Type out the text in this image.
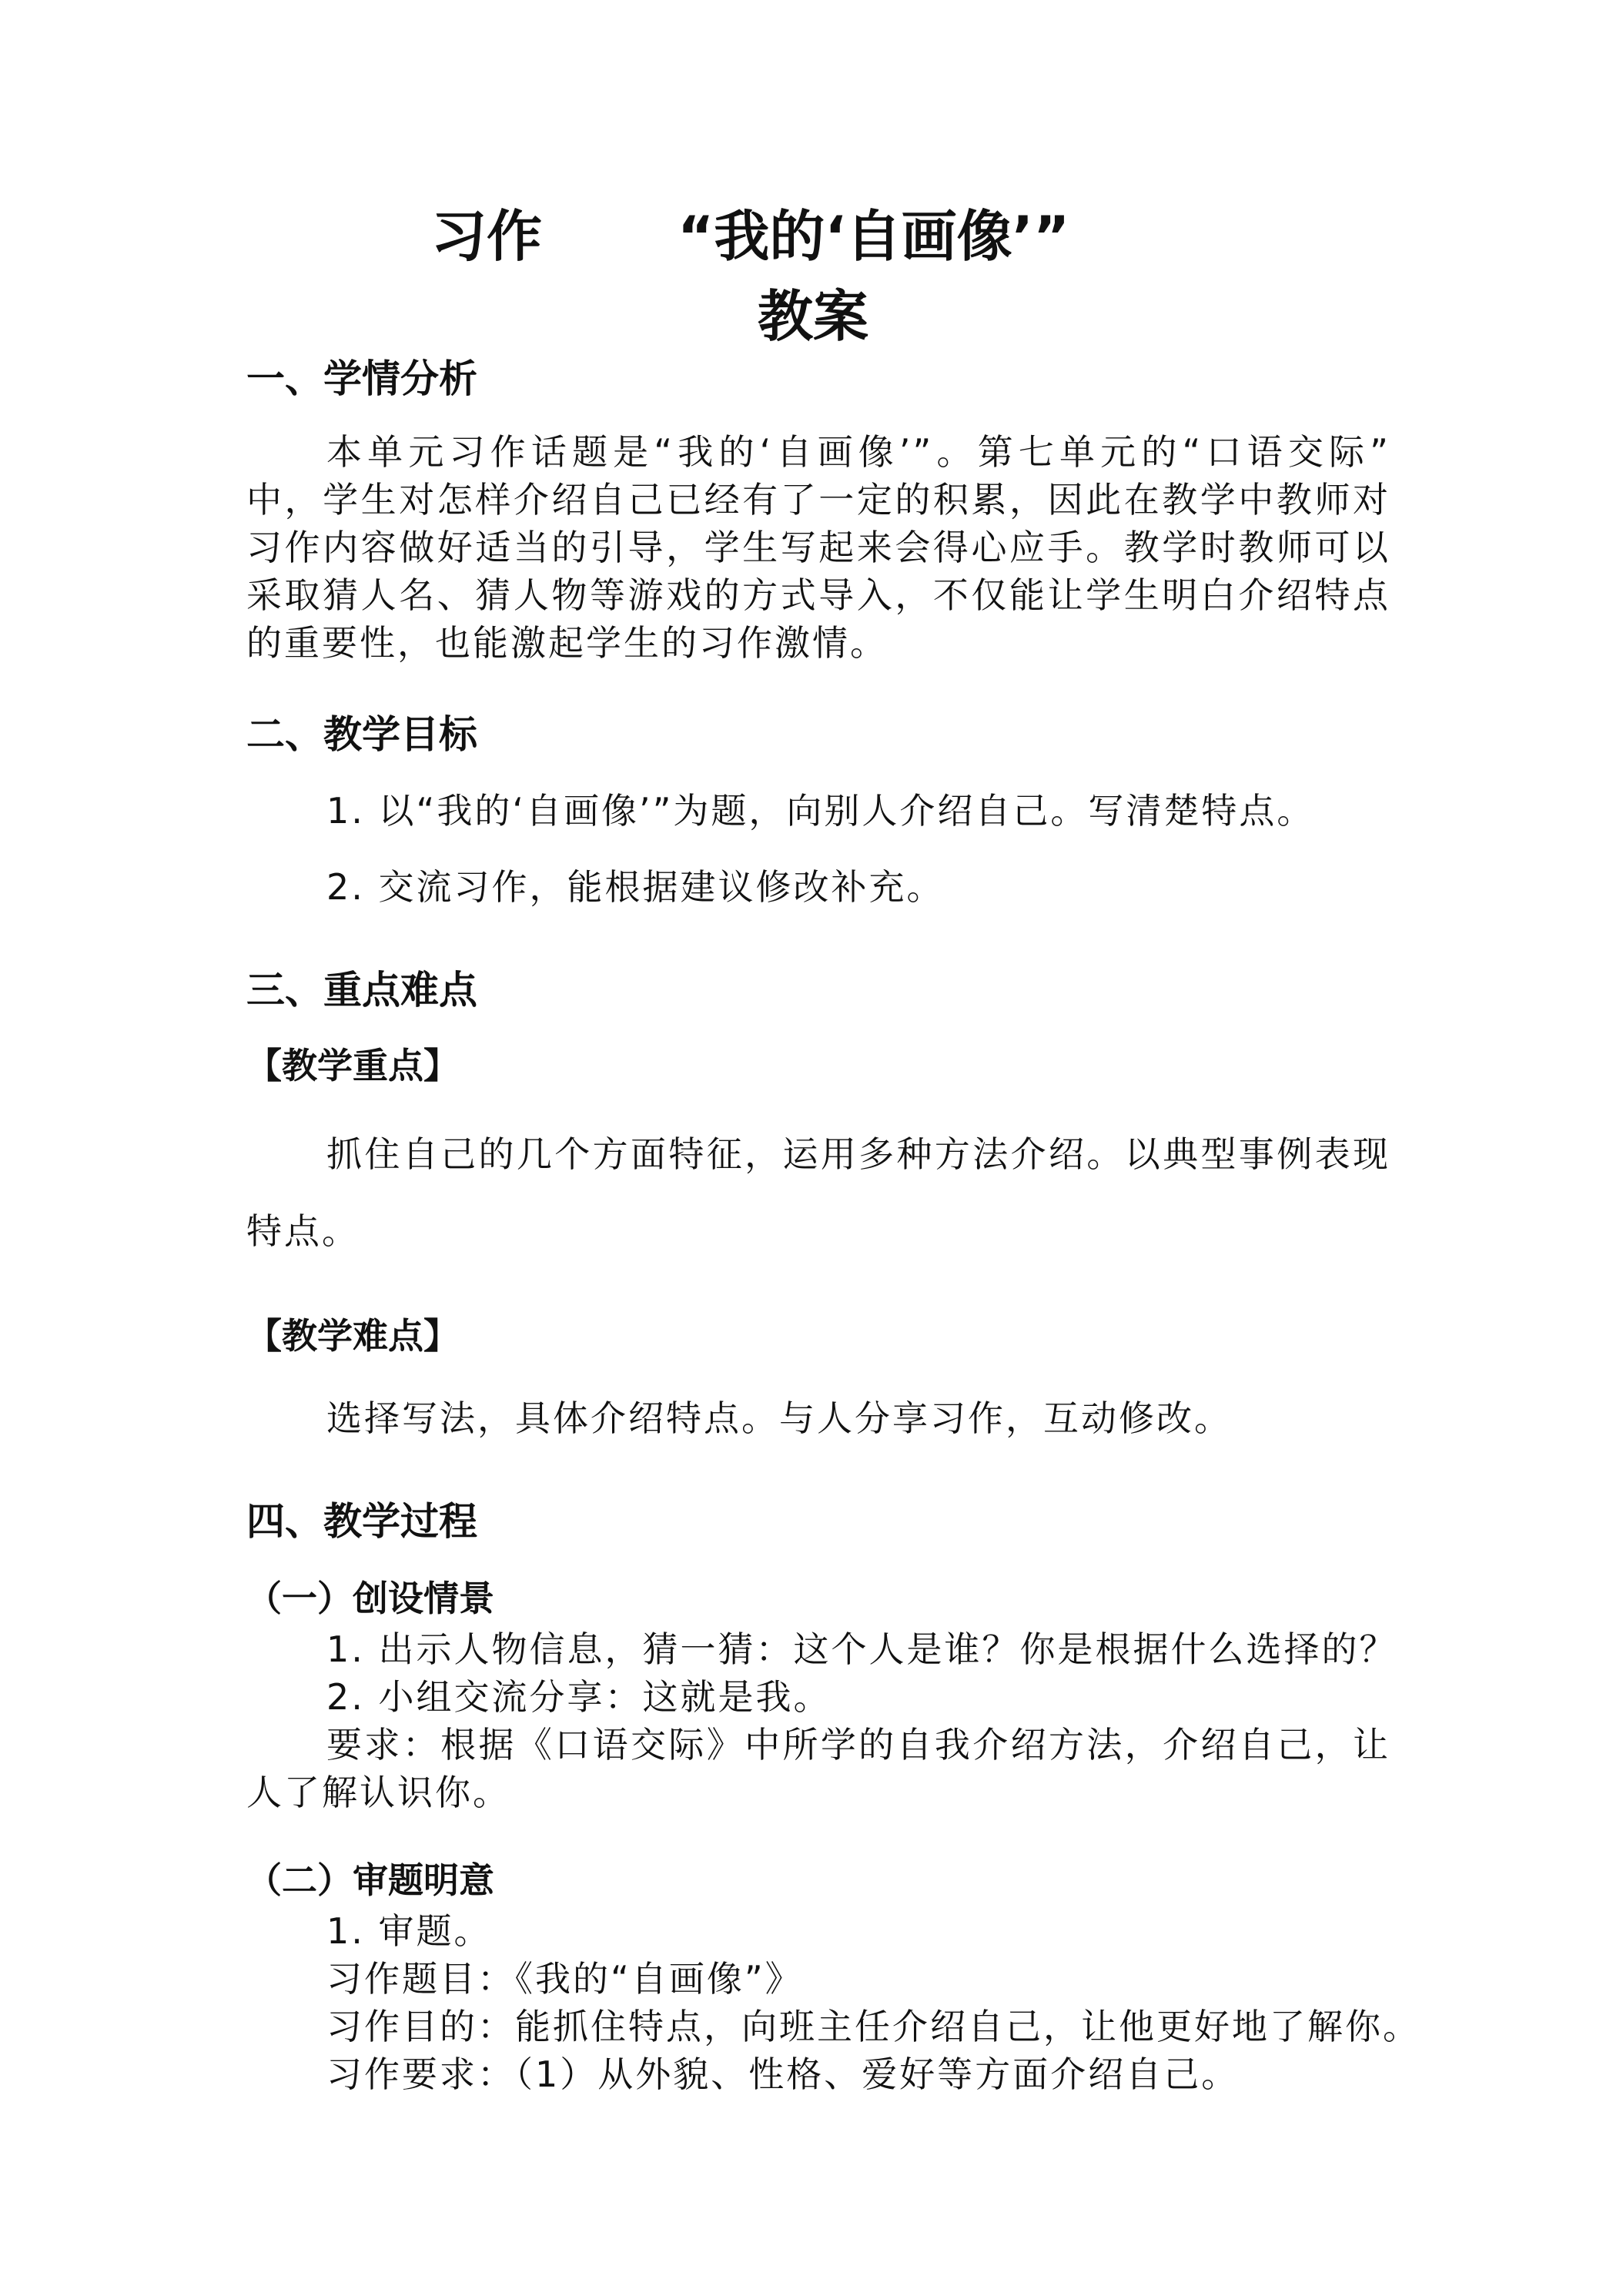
习作 “我的‘自画像’”
教案
一、学情分析
本单元习作话题是“我的‘自画像’”。第七单元的“口语交际”
中，学生对怎样介绍自己已经有了一定的积累，因此在教学中教师对
习作内容做好适当的引导，学生写起来会得心应手。教学时教师可以
采取猜人名、猜人物等游戏的方式导入，不仅能让学生明白介绍特点
的重要性，也能激起学生的习作激情。
二、教学目标
1. 以“我的‘自画像’”为题，向别人介绍自己。写清楚特点。
2. 交流习作，能根据建议修改补充。
三、重点难点
【教学重点】
抓住自己的几个方面特征，运用多种方法介绍。以典型事例表现
特点。
【教学难点】
选择写法，具体介绍特点。与人分享习作，互动修改。
四、教学过程
（一）创设情景
1. 出示人物信息，猜一猜：这个人是谁？你是根据什么选择的？
2. 小组交流分享：这就是我。
要求：根据《口语交际》中所学的自我介绍方法，介绍自己，让
人了解认识你。
（二）审题明意
1. 审题。
习作题目：《我的“自画像”》
习作目的：能抓住特点，向班主任介绍自己，让他更好地了解你。
习作要求：（1）从外貌、性格、爱好等方面介绍自己。
